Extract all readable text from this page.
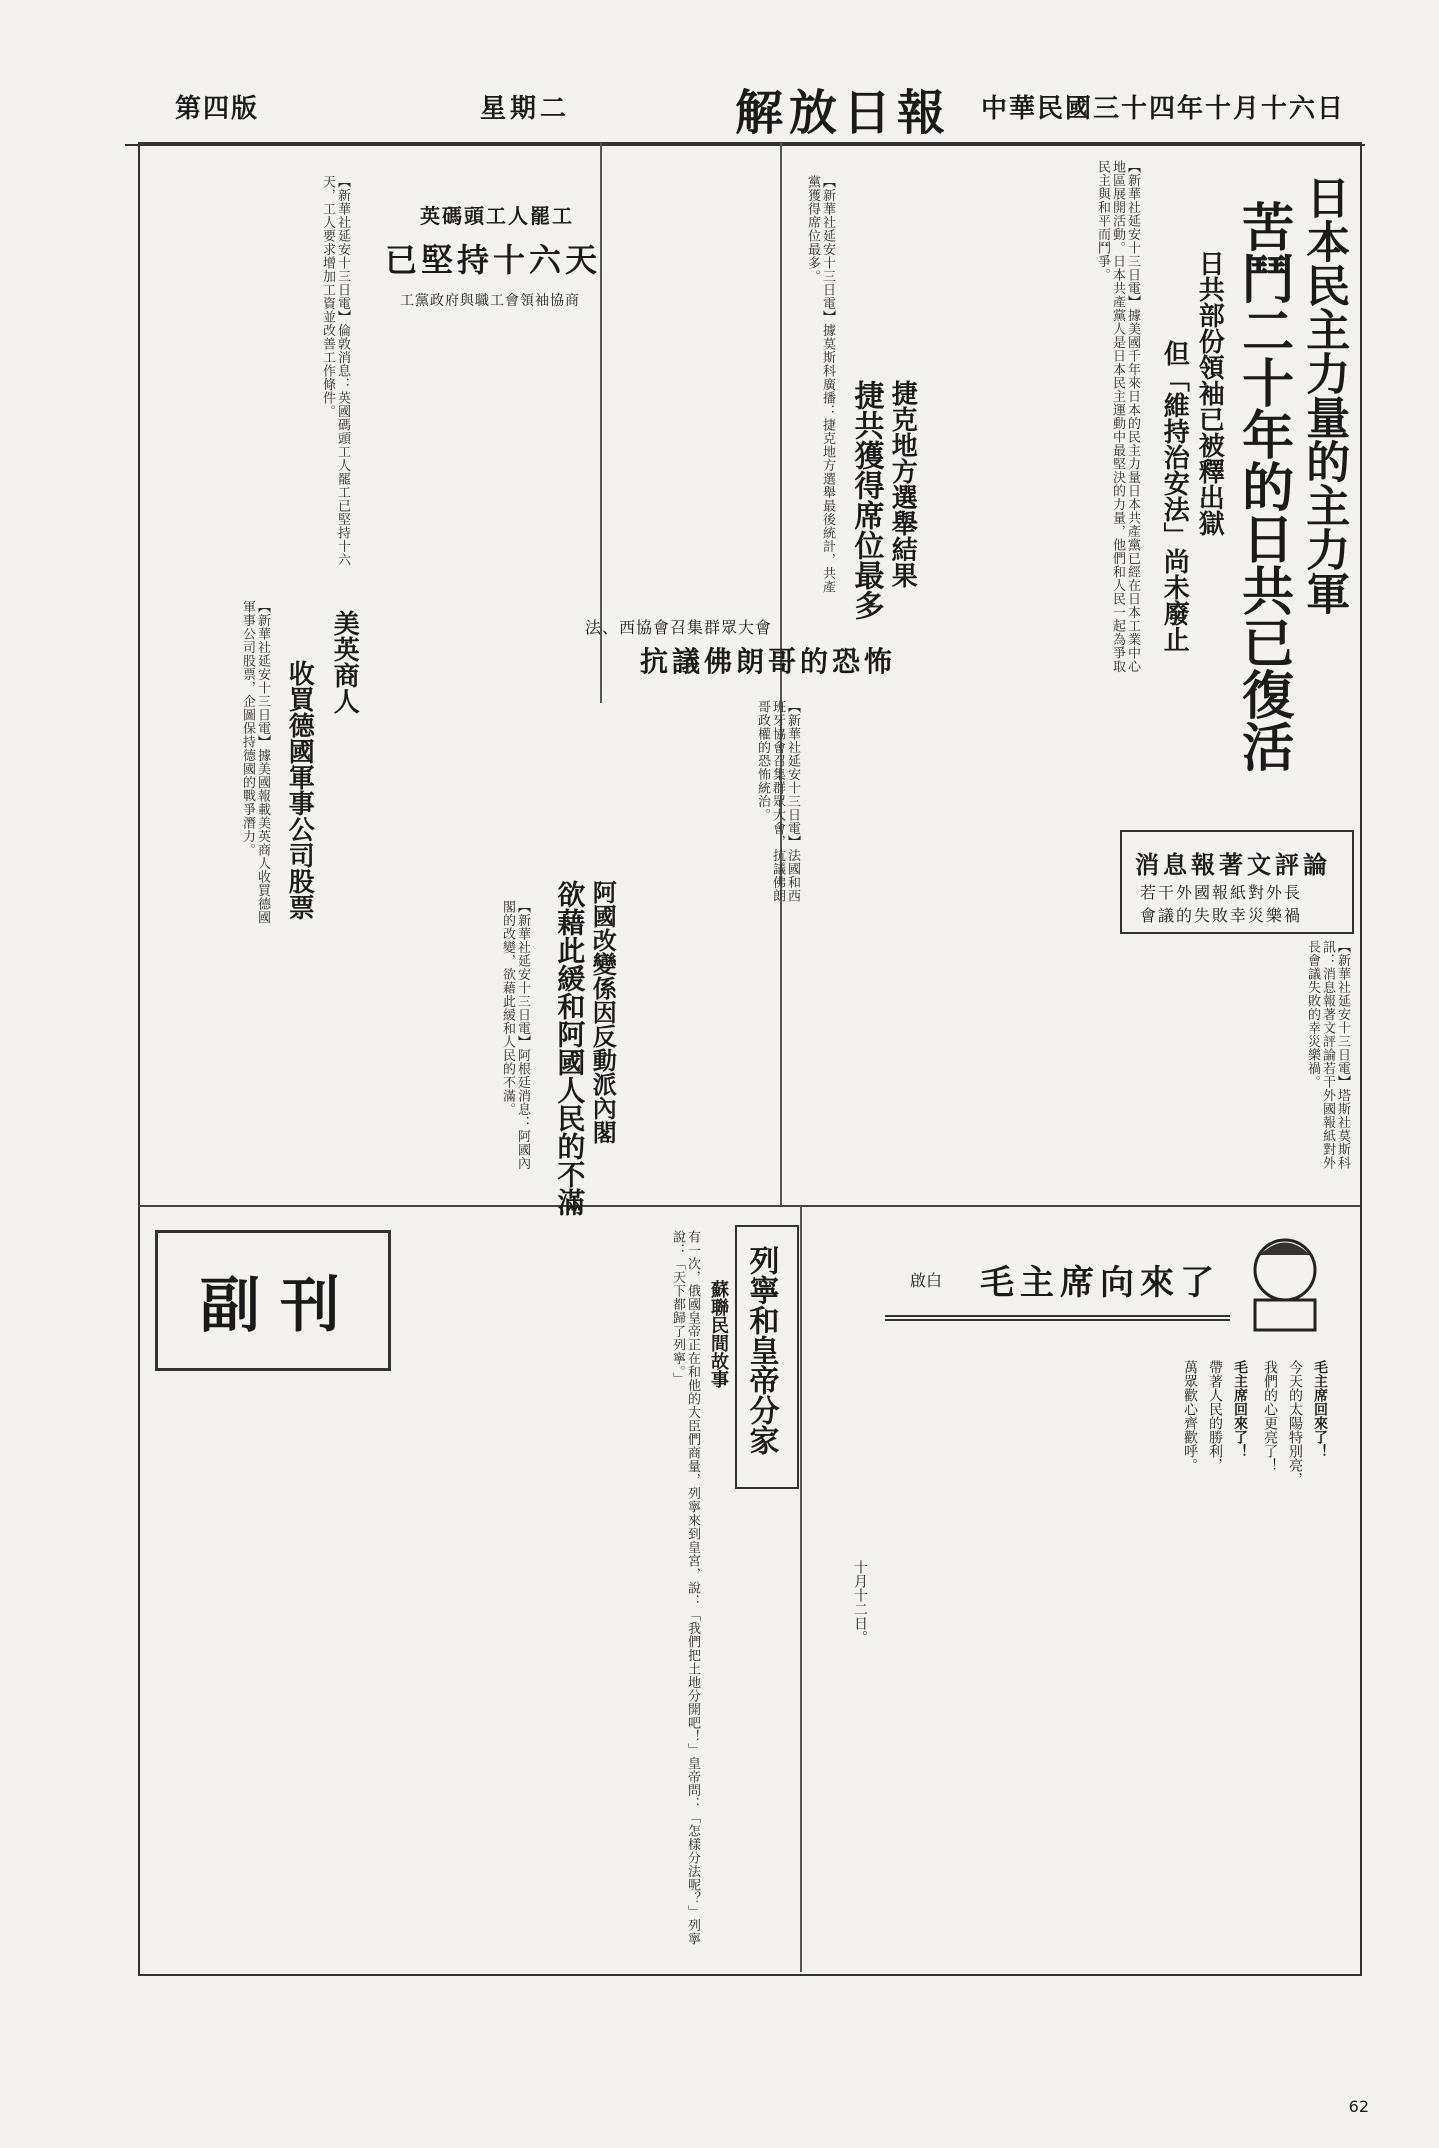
第四版	星期二	解放日報 中華民國三十四年十月十六日
日本民主力量的主力軍
苦鬥二十年的日共已復活
日共部份領袖已被釋出獄
但「維持治安法」尚未廢止
【新華社延安十三日電】據美國千年來日本的民主力量日本共產黨已經在日本工業中心地區展開活動。日本共產黨人是日本民主運動中最堅決的力量，他們和人民一起為爭取民主與和平而鬥爭。
捷克地方選舉結果
捷共獲得席位最多
【新華社延安十三日電】據莫斯科廣播：捷克地方選舉最後統計，共產黨獲得席位最多。
英碼頭工人罷工
已堅持十六天
工黨政府與職工會領袖協商
【新華社延安十三日電】倫敦消息：英國碼頭工人罷工已堅持十六天，工人要求增加工資並改善工作條件。
美英商人
收買德國軍事公司股票
【新華社延安十三日電】據美國報載美英商人收買德國軍事公司股票，企圖保持德國的戰爭潛力。	法、西協會召集群眾大會
抗議佛朗哥的恐怖
【新華社延安十三日電】法國和西班牙協會召集群眾大會，抗議佛朗哥政權的恐怖統治。
欲藉此緩和阿國人民的不滿 阿國改變係因反動派內閣
【新華社延安十三日電】阿根廷消息：阿國內閣的改變，欲藉此緩和人民的不滿。
消息報著文評論
若干外國報紙對外長
會議的失敗幸災樂禍
【新華社延安十三日電】塔斯社莫斯科訊：消息報著文評論若干外國報紙對外長會議失敗的幸災樂禍。
毛主席向來了
啟白
毛主席回來了！
今天的太陽特別亮，
我們的心更亮了！
毛主席回來了！
帶著人民的勝利，
萬眾歡心齊歡呼。
十月十二日。
列寧和皇帝分家
蘇聯民間故事
有一次，俄國皇帝正在和他的大臣們商量，列寧來到皇宮，說：「我們把土地分開吧！」皇帝問：「怎樣分法呢？」列寧說：「天下都歸了列寧。」
副刊
62
